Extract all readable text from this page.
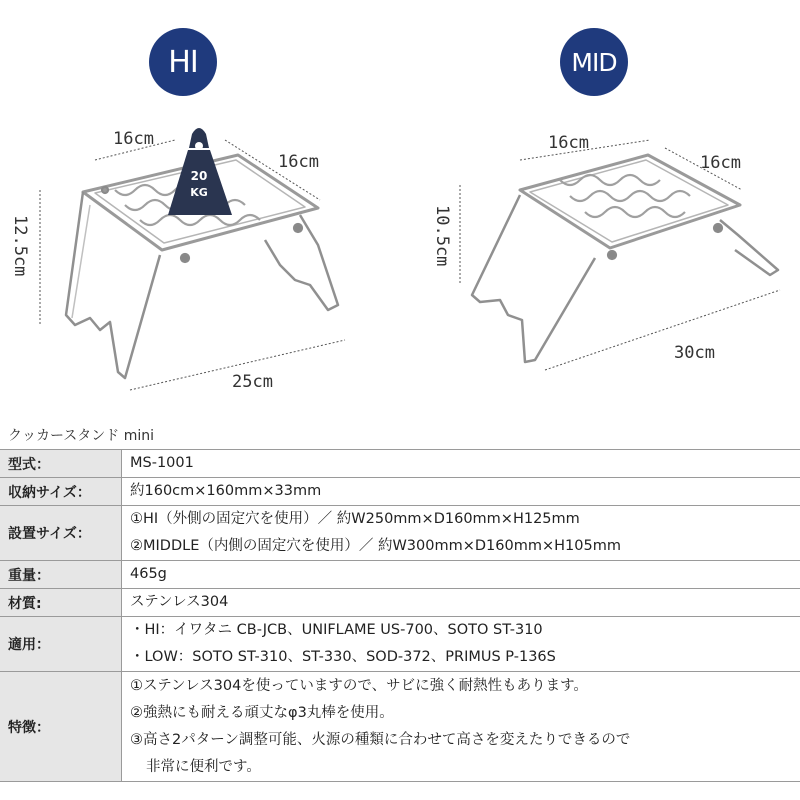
HI	MID
20
KG
16cm
16cm
12.5cm
25cm
16cm
16cm
10.5cm
30cm
クッカースタンド mini
型式：	MS-1001

収納サイズ：	約160cm×160mm×33mm

設置サイズ：	①HI（外側の固定穴を使用）／ 約W250mm×D160mm×H125mm
②MIDDLE（内側の固定穴を使用）／ 約W300mm×D160mm×H105mm

重量：	465g

材質:	ステンレス304

適用：	・HI：イワタニ CB-JCB、UNIFLAME US-700、SOTO ST-310
・LOW：SOTO ST-310、ST-330、SOD-372、PRIMUS P-136S

特徴：	①ステンレス304を使っていますので、サビに強く耐熱性もあります。
②強熱にも耐える頑丈なφ3丸棒を使用。
③高さ2パターン調整可能、火源の種類に合わせて高さを変えたりできるので
非常に便利です。
